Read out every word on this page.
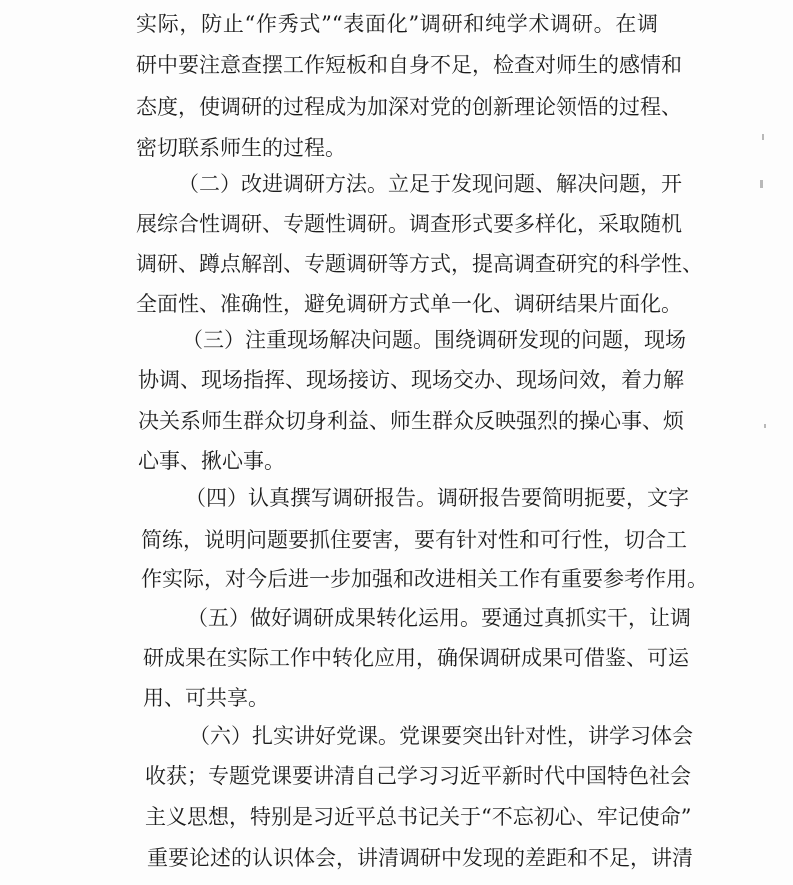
实际，防止“作秀式”“表面化”调研和纯学术调研。在调
研中要注意查摆工作短板和自身不足，检查对师生的感情和
态度，使调研的过程成为加深对党的创新理论领悟的过程、
密切联系师生的过程。
（二）改进调研方法。立足于发现问题、解决问题，开
展综合性调研、专题性调研。调查形式要多样化，采取随机
调研、蹲点解剖、专题调研等方式，提高调查研究的科学性、
全面性、准确性，避免调研方式单一化、调研结果片面化。
（三）注重现场解决问题。围绕调研发现的问题，现场
协调、现场指挥、现场接访、现场交办、现场问效，着力解
决关系师生群众切身利益、师生群众反映强烈的操心事、烦
心事、揪心事。
（四）认真撰写调研报告。调研报告要简明扼要，文字
简练，说明问题要抓住要害，要有针对性和可行性，切合工
作实际，对今后进一步加强和改进相关工作有重要参考作用。
（五）做好调研成果转化运用。要通过真抓实干，让调
研成果在实际工作中转化应用，确保调研成果可借鉴、可运
用、可共享。
（六）扎实讲好党课。党课要突出针对性，讲学习体会
收获；专题党课要讲清自己学习习近平新时代中国特色社会
主义思想，特别是习近平总书记关于“不忘初心、牢记使命”
重要论述的认识体会，讲清调研中发现的差距和不足，讲清
